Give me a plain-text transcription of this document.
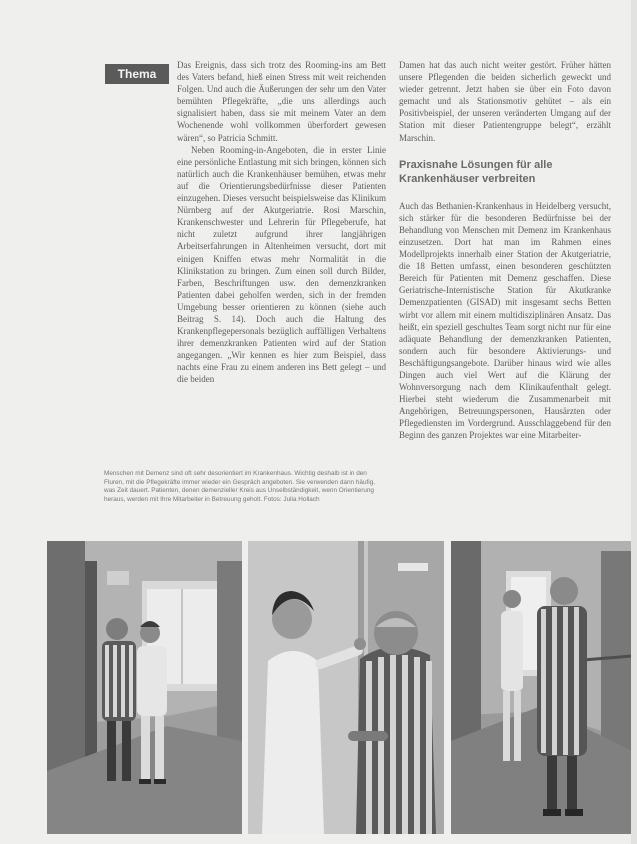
Thema

Das Ereignis, dass sich trotz des Rooming-ins am Bett des Vaters befand, hieß einen Stress mit weit reichenden Folgen. Und auch die Äußerungen der sehr um den Vater bemühten Pflegekräfte, „die uns allerdings auch signalisiert haben, dass sie mit meinem Vater an dem Wochenende wohl vollkommen überfordert gewesen wären“, so Patricia Schmitt.

Neben Rooming-in-Angeboten, die in erster Linie eine persönliche Entlastung mit sich bringen, können sich natürlich auch die Krankenhäuser bemühen, etwas mehr auf die Orientierungsbedürfnisse dieser Patienten einzugehen. Dieses versucht beispielsweise das Klinikum Nürnberg auf der Akutgeriatrie. Rosi Marschin, Krankenschwester und Lehrerin für Pflegeberufe, hat nicht zuletzt aufgrund ihrer langjährigen Arbeitserfahrungen in Altenheimen versucht, dort mit einigen Kniffen etwas mehr Normalität in die Klinikstation zu bringen. Zum einen soll durch Bilder, Farben, Beschriftungen usw. den demenzkranken Patienten dabei geholfen werden, sich in der fremden Umgebung besser orientieren zu können (siehe auch Beitrag S. 14). Doch auch die Haltung des Krankenpflegepersonals bezüglich auffälligen Verhaltens ihrer demenzkranken Patienten wird auf der Station angegangen. „Wir kennen es hier zum Beispiel, dass nachts eine Frau zu einem anderen ins Bett gelegt – und die beiden

Damen hat das auch nicht weiter gestört. Früher hätten unsere Pflegenden die beiden sicherlich geweckt und wieder getrennt. Jetzt haben sie über ein Foto davon gemacht und als Stationsmotiv gehütet – als ein Positivbeispiel, der unseren veränderten Umgang auf der Station mit dieser Patientengruppe belegt“, erzählt Marschin.

Praxisnahe Lösungen für alle Krankenhäuser verbreiten

Auch das Bethanien-Krankenhaus in Heidelberg versucht, sich stärker für die besonderen Bedürfnisse bei der Behandlung von Menschen mit Demenz im Krankenhaus einzusetzen. Dort hat man im Rahmen eines Modellprojekts innerhalb einer Station der Akutgeriatrie, die 18 Betten umfasst, einen besonderen geschützten Bereich für Patienten mit Demenz geschaffen. Diese Geriatrische-Internistische Station für Akutkranke Demenzpatienten (GISAD) mit insgesamt sechs Betten wirbt vor allem mit einem multidisziplinären Ansatz. Das heißt, ein speziell geschultes Team sorgt nicht nur für eine adäquate Behandlung der demenzkranken Patienten, sondern auch für besondere Aktivierungs- und Beschäftigungsangebote. Darüber hinaus wird wie alles Dingen auch viel Wert auf die Klärung der Wohnversorgung nach dem Klinikaufenthalt gelegt. Hierbei steht wiederum die Zusammenarbeit mit Angehörigen, Betreuungspersonen, Hausärzten oder Pflegediensten im Vordergrund. Ausschlaggebend für den Beginn des ganzen Projektes war eine Mitarbeiter-

Menschen mit Demenz sind oft sehr desorientiert im Krankenhaus. Wichtig deshalb ist in den Fluren, mit die Pflegekräfte immer wieder ein Gespräch angeboten. Sie verwenden dann häufig, was Zeit dauert. Patienten, denen demenzieller Kreis aus Unselbständigkeit, wenn Orientierung heraus, werden mit Ihre Mitarbeiter in Betreuung geholt. Fotos: Julia Hollach
